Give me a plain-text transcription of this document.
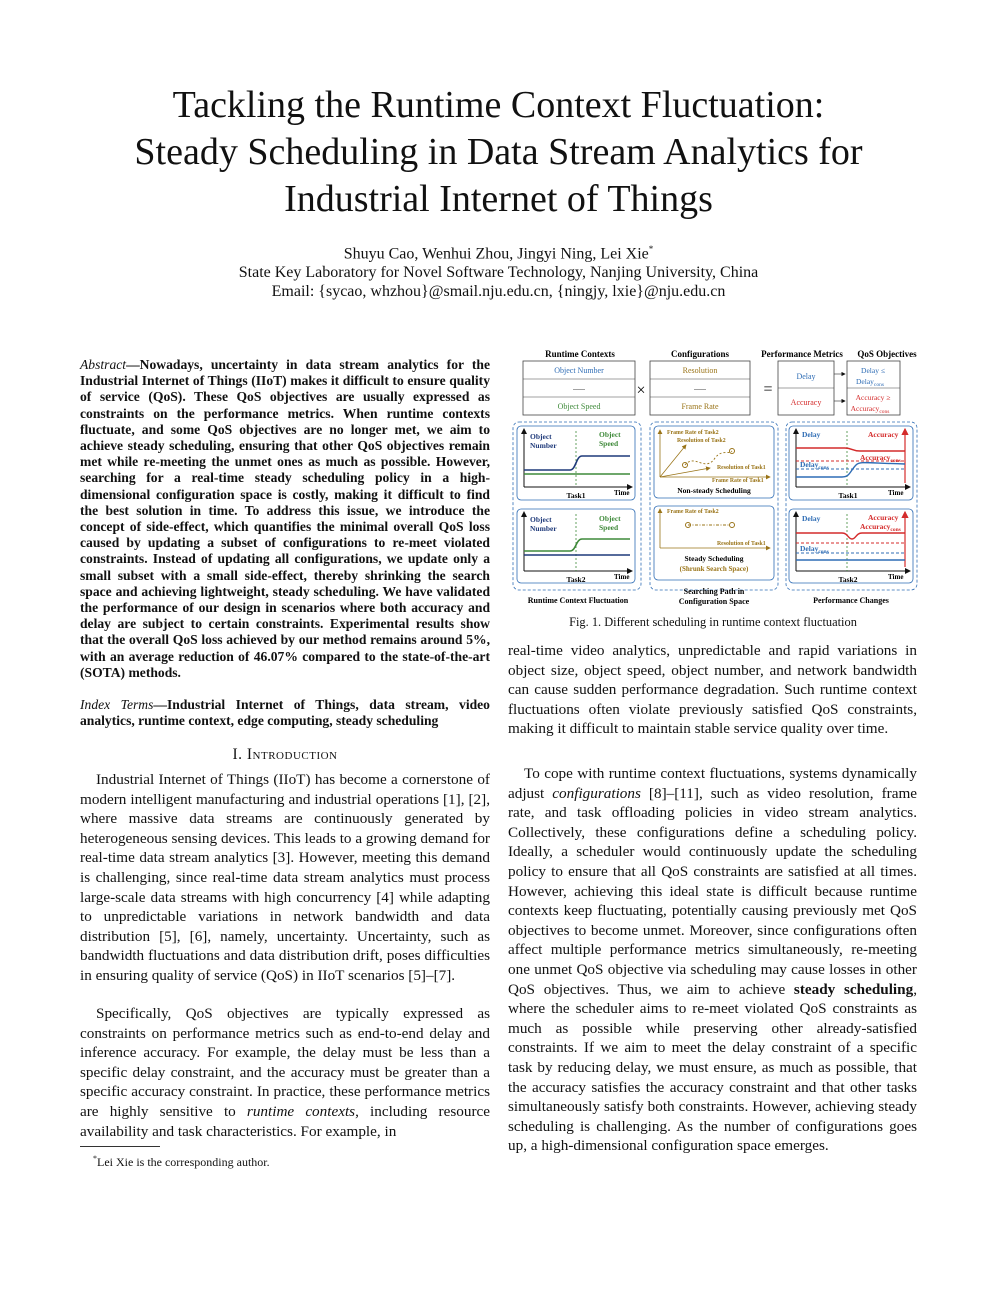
Tackling the Runtime Context Fluctuation:
Steady Scheduling in Data Stream Analytics for
Industrial Internet of Things
Shuyu Cao, Wenhui Zhou, Jingyi Ning, Lei Xie*
State Key Laboratory for Novel Software Technology, Nanjing University, China
Email: {sycao, whzhou}@smail.nju.edu.cn, {ningjy, lxie}@nju.edu.cn
Abstract—Nowadays, uncertainty in data stream analytics for the Industrial Internet of Things (IIoT) makes it difficult to ensure quality of service (QoS). These QoS objectives are usually expressed as constraints on the performance metrics. When runtime contexts fluctuate, and some QoS objectives are no longer met, we aim to achieve steady scheduling, ensuring that other QoS objectives remain met while re-meeting the unmet ones as much as possible. However, searching for a real-time steady scheduling policy in a high-dimensional configuration space is costly, making it difficult to find the best solution in time. To address this issue, we introduce the concept of side-effect, which quantifies the minimal overall QoS loss caused by updating a subset of configurations to re-meet violated constraints. Instead of updating all configurations, we update only a small subset with a small side-effect, thereby shrinking the search space and achieving lightweight, steady scheduling. We have validated the performance of our design in scenarios where both accuracy and delay are subject to certain constraints. Experimental results show that the overall QoS loss achieved by our method remains around 5%, with an average reduction of 46.07% compared to the state-of-the-art (SOTA) methods.
Index Terms—Industrial Internet of Things, data stream, video analytics, runtime context, edge computing, steady scheduling
I. Introduction

Industrial Internet of Things (IIoT) has become a cornerstone of modern intelligent manufacturing and industrial operations [1], [2], where massive data streams are continuously generated by heterogeneous sensing devices. This leads to a growing demand for real-time data stream analytics [3]. However, meeting this demand is challenging, since real-time data stream analytics must process large-scale data streams with high concurrency [4] while adapting to unpredictable variations in network bandwidth and data distribution [5], [6], namely, uncertainty. Uncertainty, such as bandwidth fluctuations and data distribution drift, poses difficulties in ensuring quality of service (QoS) in IIoT scenarios [5]–[7].

Specifically, QoS objectives are typically expressed as constraints on performance metrics such as end-to-end delay and inference accuracy. For example, the delay must be less than a specific delay constraint, and the accuracy must be greater than a specific accuracy constraint. In practice, these performance metrics are highly sensitive to runtime contexts, including resource availability and task characteristics. For example, in

*Lei Xie is the corresponding author.
Runtime Contexts	Configurations	Performance Metrics QoS Objectives
Object Number
......
Object Speed
×
Resolution
......
Frame Rate
=
Delay
Accuracy
Delay ≤
Delay$_{cons}$
Accuracy ≥
Accuracy$_{cons}$
Object
Number
Object
Speed
Task1	Time
Object
Number
Object
Speed
Task2	Time
Frame Rate of Task2
Resolution of Task2
Resolution of Task1
Frame Rate of Task1
Non-steady Scheduling
Frame Rate of Task2
Resolution of Task1
Steady Scheduling
(Shrunk Search Space)
Delay	Accuracy
Delay$_{cons}$
Accuracy$_{cons}$
Task1	Time
Delay	Accuracy
Delay$_{cons}$
Accuracy$_{cons}$
Task2	Time
Runtime Context Fluctuation
Searching Path in
Configuration Space	Performance Changes
Fig. 1. Different scheduling in runtime context fluctuation
real-time video analytics, unpredictable and rapid variations in object size, object speed, object number, and network bandwidth can cause sudden performance degradation. Such runtime context fluctuations often violate previously satisfied QoS constraints, making it difficult to maintain stable service quality over time.

To cope with runtime context fluctuations, systems dynamically adjust configurations [8]–[11], such as video resolution, frame rate, and task offloading policies in video stream analytics. Collectively, these configurations define a scheduling policy. Ideally, a scheduler would continuously update the scheduling policy to ensure that all QoS constraints are satisfied at all times. However, achieving this ideal state is difficult because runtime contexts keep fluctuating, potentially causing previously met QoS objectives to become unmet. Moreover, since configurations often affect multiple performance metrics simultaneously, re-meeting one unmet QoS objective via scheduling may cause losses in other QoS objectives. Thus, we aim to achieve steady scheduling, where the scheduler aims to re-meet violated QoS constraints as much as possible while preserving other already-satisfied constraints. If we aim to meet the delay constraint of a specific task by reducing delay, we must ensure, as much as possible, that the accuracy satisfies the accuracy constraint and that other tasks simultaneously satisfy both constraints. However, achieving steady scheduling is challenging. As the number of configurations goes up, a high-dimensional configuration space emerges.
